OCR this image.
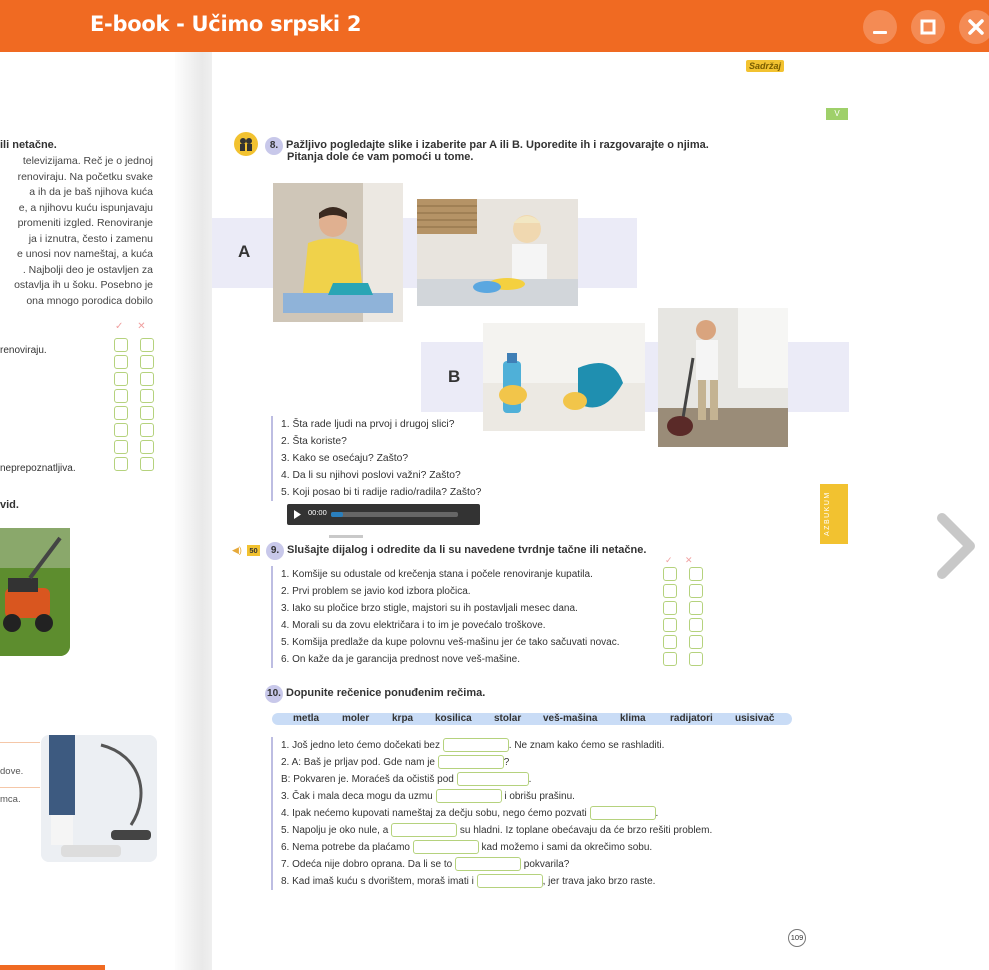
E-book - Učimo srpski 2
ili netačne.
televizijama. Reč je o jednoj
renoviraju. Na početku svake
a ih da je baš njihova kuća
e, a njihovu kuću ispunjavaju
promeniti izgled. Renoviranje
ja i iznutra, često i zamenu
e unosi nov nameštaj, a kuća
. Najbolji deo je ostavljen za
ostavlja ih u šoku. Posebno je
ona mnogo porodica dobilo
✓     ✕
renoviraju.
neprepoznatljiva.
vid.
dove.
mca.
Sadržaj
V
8. Pažljivo pogledajte slike i izaberite par A ili B. Uporedite ih i razgovarajte o njima.
Pitanja dole će vam pomoći u tome.
A
B
1. Šta rade ljudi na prvoj i drugoj slici?
2. Šta koriste?
3. Kako se osećaju? Zašto?
4. Da li su njihovi poslovi važni? Zašto?
5. Koji posao bi ti radije radio/radila? Zašto?
00:00
◀) 50	9. Slušajte dijalog i odredite da li su navedene tvrdnje tačne ili netačne.
✓     ✕
1. Komšije su odustale od krečenja stana i počele renoviranje kupatila.
2. Prvi problem se javio kod izbora pločica.
3. Iako su pločice brzo stigle, majstori su ih postavljali mesec dana.
4. Morali su da zovu električara i to im je povećalo troškove.
5. Komšija predlaže da kupe polovnu veš-mašinu jer će tako sačuvati novac.
6. On kaže da je garancija prednost nove veš-mašine.
10. Dopunite rečenice ponuđenim rečima.
metla moler krpa kosilica stolar veš-mašina klima radijatori usisivač
1. Još jedno leto ćemo dočekati bez	. Ne znam kako ćemo se rashladiti.
2. A: Baš je prljav pod. Gde nam je	?
B: Pokvaren je. Moraćeš da očistiš pod	.
3. Čak i mala deca mogu da uzmu	i obrišu prašinu.
4. Ipak nećemo kupovati nameštaj za dečju sobu, nego ćemo pozvati	.
5. Napolju je oko nule, a	su hladni. Iz toplane obećavaju da će brzo rešiti problem.
6. Nema potrebe da plaćamo	kad možemo i sami da okrečimo sobu.
7. Odeća nije dobro oprana. Da li se to	pokvarila?
8. Kad imaš kuću s dvorištem, moraš imati i	, jer trava jako brzo raste.
109
AZBUKUM
